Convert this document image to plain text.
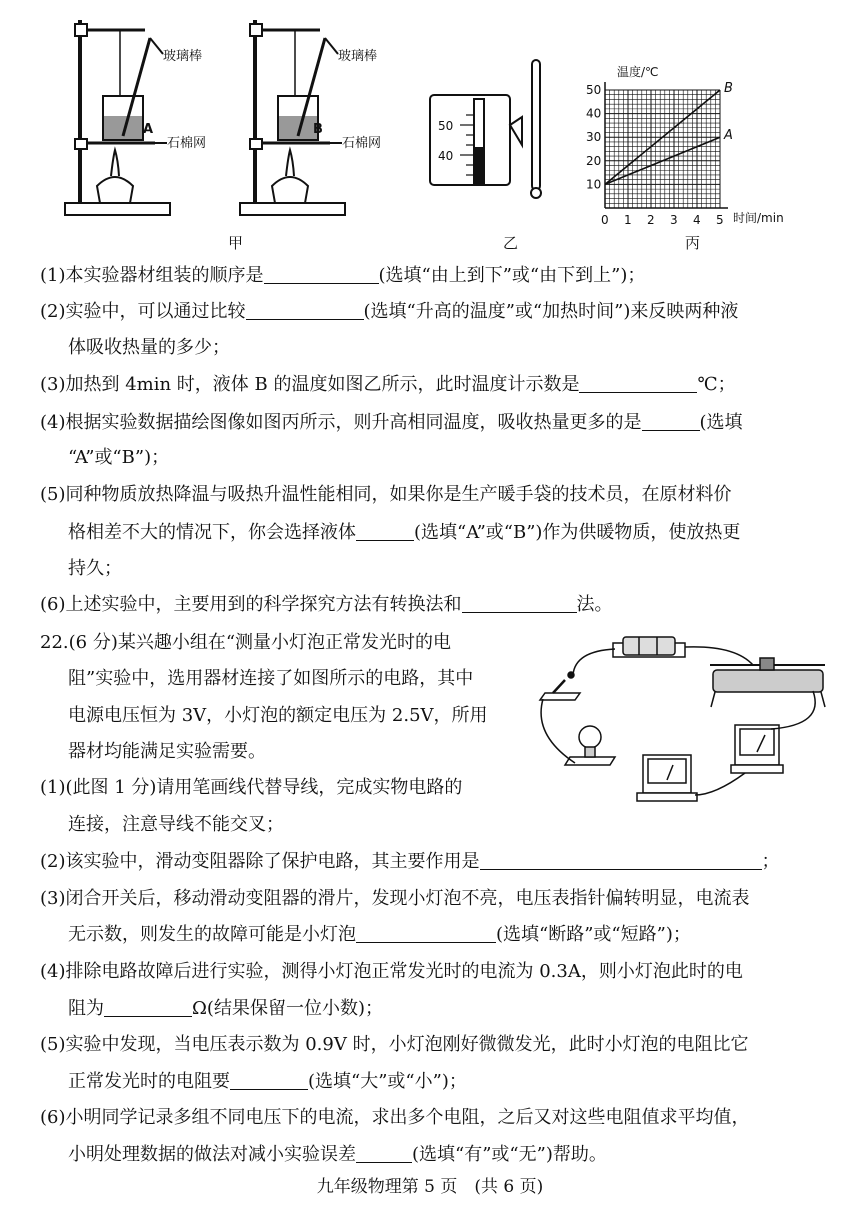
A
玻璃棒
石棉网
B
玻璃棒
石棉网
甲
50
40
乙
A
B
0 1 2 3 4 5
10
20
30
40
50
温度/℃
时间/min
丙
(1)本实验器材组装的顺序是	(选填“由上到下”或“由下到上”)；
(2)实验中，可以通过比较	(选填“升高的温度”或“加热时间”)来反映两种液
体吸收热量的多少；
(3)加热到 4min 时，液体 B 的温度如图乙所示，此时温度计示数是	℃；
(4)根据实验数据描绘图像如图丙所示，则升高相同温度，吸收热量更多的是	(选填
“A”或“B”)；
(5)同种物质放热降温与吸热升温性能相同，如果你是生产暖手袋的技术员，在原材料价
格相差不大的情况下，你会选择液体	(选填“A”或“B”)作为供暖物质，使放热更
持久；
(6)上述实验中，主要用到的科学探究方法有转换法和	法。
22.(6 分)某兴趣小组在“测量小灯泡正常发光时的电
阻”实验中，选用器材连接了如图所示的电路，其中
电源电压恒为 3V，小灯泡的额定电压为 2.5V，所用
器材均能满足实验需要。
(1)(此图 1 分)请用笔画线代替导线，完成实物电路的
连接，注意导线不能交叉；
(2)该实验中，滑动变阻器除了保护电路，其主要作用是	；
(3)闭合开关后，移动滑动变阻器的滑片，发现小灯泡不亮，电压表指针偏转明显，电流表
无示数，则发生的故障可能是小灯泡	(选填“断路”或“短路”)；
(4)排除电路故障后进行实验，测得小灯泡正常发光时的电流为 0.3A，则小灯泡此时的电
阻为	Ω(结果保留一位小数)；
(5)实验中发现，当电压表示数为 0.9V 时，小灯泡刚好微微发光，此时小灯泡的电阻比它
正常发光时的电阻要	(选填“大”或“小”)；
(6)小明同学记录多组不同电压下的电流，求出多个电阻，之后又对这些电阻值求平均值，
小明处理数据的做法对减小实验误差	(选填“有”或“无”)帮助。
九年级物理第 5 页　(共 6 页)
